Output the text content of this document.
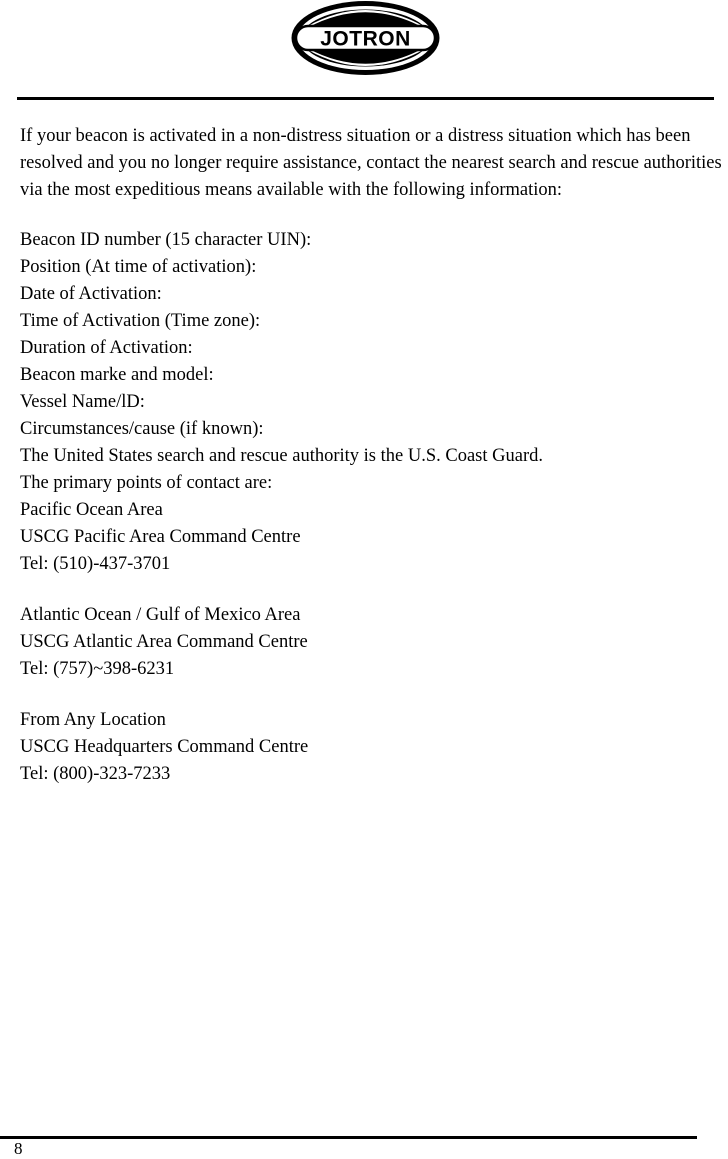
JOTRON

If your beacon is activated in a non-distress situation or a distress situation which has been resolved and you no longer require assistance, contact the nearest search and rescue authorities via the most expeditious means available with the following information:

Beacon ID number (15 character UIN):
Position (At time of activation):
Date of Activation:
Time of Activation (Time zone):
Duration of Activation:
Beacon marke and model:
Vessel Name/lD:
Circumstances/cause (if known):
The United States search and rescue authority is the U.S. Coast Guard.
The primary points of contact are:
Pacific Ocean Area
USCG Pacific Area Command Centre
Tel: (510)-437-3701
Atlantic Ocean / Gulf of Mexico Area
USCG Atlantic Area Command Centre
Tel: (757)~398-6231
From Any Location
USCG Headquarters Command Centre
Tel: (800)-323-7233
8
